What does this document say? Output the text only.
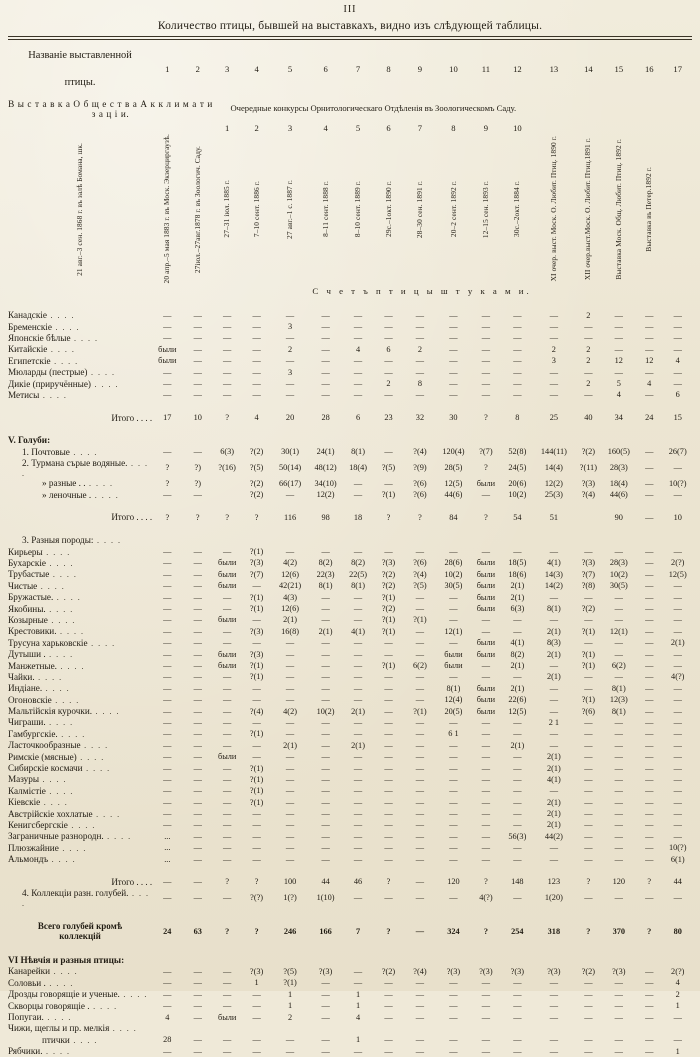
III
Количество птицы, бывшей на выставкахъ, видно изъ слѣдующей таблицы.
Названіе выставленной
птицы.	1	2	3	4	5	6	7	8	9	10	11	12	13	14	15	16	17
В ы с т а в к а О б щ е с т в а А к к л и м а т и з а ц і и.			Очередные конкурсы Орнитологическаго Отдѣленія въ Зоологическомъ Саду.														
			1	2	3	4	5	6	7	8	9	10					

21 авг.–3 сен. 1868 г. въ залѣ Бомана, шк.	20 апр.–5 мая 1883 г. въ Моск. Экзерциргаузѣ.	27іюл.–27авг.1878 г. въ Зоологич. Саду.	27–31 іюл. 1885 г.	7–10 сент. 1886 г.	27 авг.–1 с. 1887 г.	8–11 сент. 1888 г.	8–10 сент. 1889 г.	29с.–1окт. 1890 г.	28–30 сен. 1891 г.	20–2 сент. 1892 г.	12–15 сен. 1893 г.	30с.–2окт. 1884 г.	XI очер. выст. Моск. О. Любит. Птиц. 1890 г.	XII очер.выст.Моск. О. Любит. Птиц.1891 г.	Выставка Моск. Общ. Любит. Птиц. 1892 г.	Выставка въ Петер.1892 г.	

	С ч е т ъ п т и ц ы ш т у к а м и.																

Канадскіе . . . .	—	—	—	—	—	—	—	—	—	—	—	—	—	2	—	—	—
Бременскіе . . . .	—	—	—	—	3	—	—	—	—	—	—	—	—	—	—	—	—
Японскіе бѣлые . . . .	—	—	—	—	—	—	—	—	—	—	—	—	—	—	—	—	—
Китайскіе . . . .	были	—	—	—	2	—	4	6	2	—	—	—	2	2	—	—	—
Египетскіе . . . .	были	—	—	—	—	—	—	—	—	—	—	—	3	2	12	12	4
Мюларды (пестрые) . . . .	—	—	—	—	3	—	—	—	—	—	—	—	—	—	—	—	—
Дикіе (приручённые) . . . .	—	—	—	—	—	—	—	2	8	—	—	—	—	2	5	4	—
Метисы . . . .	—	—	—	—	—	—	—	—	—	—	—	—	—	—	4	—	6

Итого . . . .	17	10	?	4	20	28	6	23	32	30	?	8	25	40	34	24	15

V. Голуби:																	
1. Почтовые . . . .	—	—	6(3)	?(2)	30(1)	24(1)	8(1)	—	?(4)	120(4)	?(7)	52(8)	144(11)	?(2)	160(5)	—	26(7)
2. Турмана сърые водяные. . . . .	?	?)	?(16)	?(5)	50(14)	48(12)	18(4)	?(5)	?(9)	28(5)	?	24(5)	14(4)	?(11)	28(3)	—	—
» разные . . . . . .	?	?)		?(2)	66(17)	34(10)	—	—	?(6)	12(5)	были	20(6)	12(2)	?(3)	18(4)	—	10(?)
» леночные . . . . .	—	—		?(2)	—	12(2)	—	?(1)	?(6)	44(6)	—	10(2)	25(3)	?(4)	44(6)	—	—

Итого . . . .	?	?	?	?	116	98	18	?	?	84	?	54	51		90	—	10

3. Разныя породы: . . . .																	
Кирьеры . . . .	—	—	—	?(1)	—	—	—	—	—	—	—	—	—	—	—	—	—
Бухарскіе . . . .	—	—	были	?(3)	4(2)	8(2)	8(2)	?(3)	?(6)	28(6)	были	18(5)	4(1)	?(3)	28(3)	—	2(?)
Трубастые . . . .	—	—	были	?(7)	12(6)	22(3)	22(5)	?(2)	?(4)	10(2)	были	18(6)	14(3)	?(7)	10(2)	—	12(5)
Чистые . . . .	—	—	были	—	42(21)	8(1)	8(1)	?(2)	?(5)	30(5)	были	2(1)	14(2)	?(8)	30(5)	—	—
Бружастые. . . . .	—	—	—	?(1)	4(3)	—	—	?(1)	—	—	были	2(1)	—	—	—	—	—
Якобины. . . . .	—	—	—	?(1)	12(6)	—	—	?(2)	—	—	были	6(3)	8(1)	?(2)	—	—	—
Козырные . . . .	—	—	были	—	2(1)	—	—	?(1)	?(1)	—	—	—	—	—	—	—	—
Крестовики. . . . .	—	—	—	?(3)	16(8)	2(1)	4(1)	?(1)	—	12(1)	—	—	2(1)	?(1)	12(1)	—	—
Трусуна харьковскіе . . . .	—	—	—	—	—	—	—	—	—	—	были	4(1)	8(3)	—	—	—	2(1)
Дутыши . . . . .	—	—	были	?(3)	—	—	—	—	—	были	были	8(2)	2(1)	?(1)	—	—	—
Манжетные. . . . .	—	—	были	?(1)	—	—	—	?(1)	6(2)	были	—	2(1)	—	?(1)	6(2)	—	—
Чайки. . . . .	—	—	—	?(1)	—	—	—	—	—	—	—	—	2(1)	—	—	—	4(?)
Индіане. . . . .	—	—	—	—	—	—	—	—	—	8(1)	были	2(1)	—	—	8(1)	—	—
Огоновскіе . . . .	—	—	—	—	—	—	—	—	—	12(4)	были	22(6)	—	?(1)	12(3)	—	—
Мальтійскія курочки. . . . .	—	—	—	?(4)	4(2)	10(2)	2(1)	—	?(1)	20(5)	были	12(5)	—	?(6)	8(1)	—	—
Чиграши. . . . .	—	—	—	—	—	—	—	—	—	—	—	—	2 1	—	—	—	—
Гамбургскіе. . . . .	—	—	—	?(1)	—	—	—	—	—	6 1	—	—	—	—	—	—	—
Ласточкообразные . . . .	—	—	—	—	2(1)	—	2(1)	—	—	—	—	2(1)	—	—	—	—	—
Римскіе (мясные) . . . .	—	—	были	—	—	—	—	—	—	—	—	—	2(1)	—	—	—	—
Сибирскіе космачи . . . .	—	—	—	?(1)	—	—	—	—	—	—	—	—	2(1)	—	—	—	—
Мазуры . . . .	—	—	—	?(1)	—	—	—	—	—	—	—	—	4(1)	—	—	—	—
Калмістіе . . . .	—	—	—	?(1)	—	—	—	—	—	—	—	—	—	—	—	—	—
Кіевскіе . . . .	—	—	—	?(1)	—	—	—	—	—	—	—	—	2(1)	—	—	—	—
Австрійскіе хохлатые . . . .	—	—	—	—	—	—	—	—	—	—	—	—	2(1)	—	—	—	—
Кенигсбергскіе . . . .	—	—	—	—	—	—	—	—	—	—	—	—	2(1)	—	—	—	—
Заграничные разнородн. . . . .	...	—	—	—	—	—	—	—	—	—	—	56(3)	44(2)	—	—	—	—
Плюзжайние . . . .	...	—	—	—	—	—	—	—	—	—	—	—	—	—	—	—	10(?)
Альмондъ . . . .	...	—	—	—	—	—	—	—	—	—	—	—	—	—	—	—	6(1)

Итого . . . .	—	—	?	?	100	44	46	?	—	120	?	148	123	?	120	?	44
4. Коллекціи разн. голубей. . . . .	—	—	—	?(?)	1(?)	1(10)	—	—	—	—	4(?)	—	1(20)	—	—	—	—

Всего голубей кромѣ
коллекцій	24	63	?	?	246	166	7	?	—	324	?	254	318	?	370	?	80

VI Нѣвчія и разныя птицы:																	
Канарейки . . . .	—	—	—	?(3)	?(5)	?(3)	—	?(2)	?(4)	?(3)	?(3)	?(3)	?(3)	?(2)	?(3)	—	2(?)
Соловьи . . . . .	—	—	—	1	?(1)	—	—	—	—	—	—	—	—	—	—	—	4
Дрозды говорящіе и ученые. . . . .	—	—	—	—	1	—	1	—	—	—	—	—	—	—	—	—	2
Скворцы говорящіе . . . . .	—	—	—	—	1	—	1	—	—	—	—	—	—	—	—	—	1
Попугаи. . . . .	4	—	были	—	2	—	4	—	—	—	—	—	—	—	—	—	—
Чижи, щеглы и пр. мелкія . . . .																	
птички . . . .	28	—	—	—	—	—	1	—	—	—	—	—	—	—	—	—	—
Рябчики. . . . .	—	—	—	—	—	—	—	—	—	—	—	—	—	—	—	—	1
